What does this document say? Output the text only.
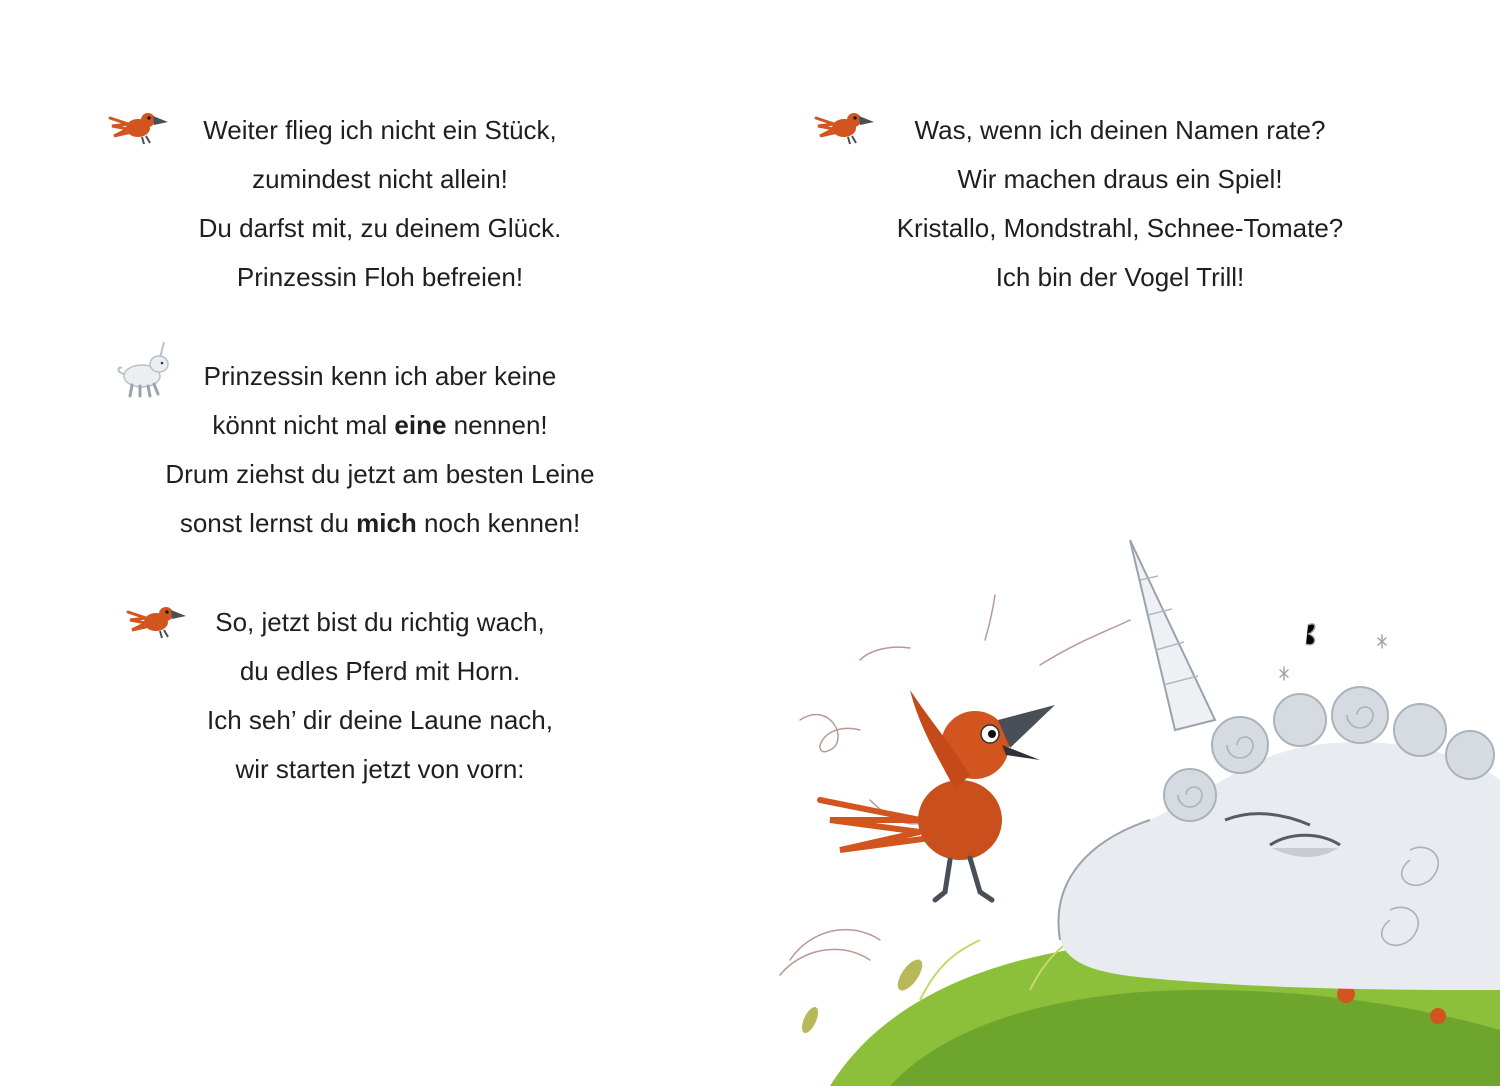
Weiter flieg ich nicht ein Stück,
zumindest nicht allein!
Du darfst mit, zu deinem Glück.
Prinzessin Floh befreien!
Prinzessin kenn ich aber keine
könnt nicht mal eine nennen!
Drum ziehst du jetzt am besten Leine
sonst lernst du mich noch kennen!
So, jetzt bist du richtig wach,
du edles Pferd mit Horn.
Ich seh’ dir deine Laune nach,
wir starten jetzt von vorn:
Was, wenn ich deinen Namen rate?
Wir machen draus ein Spiel!
Kristallo, Mondstrahl, Schnee-Tomate?
Ich bin der Vogel Trill!
